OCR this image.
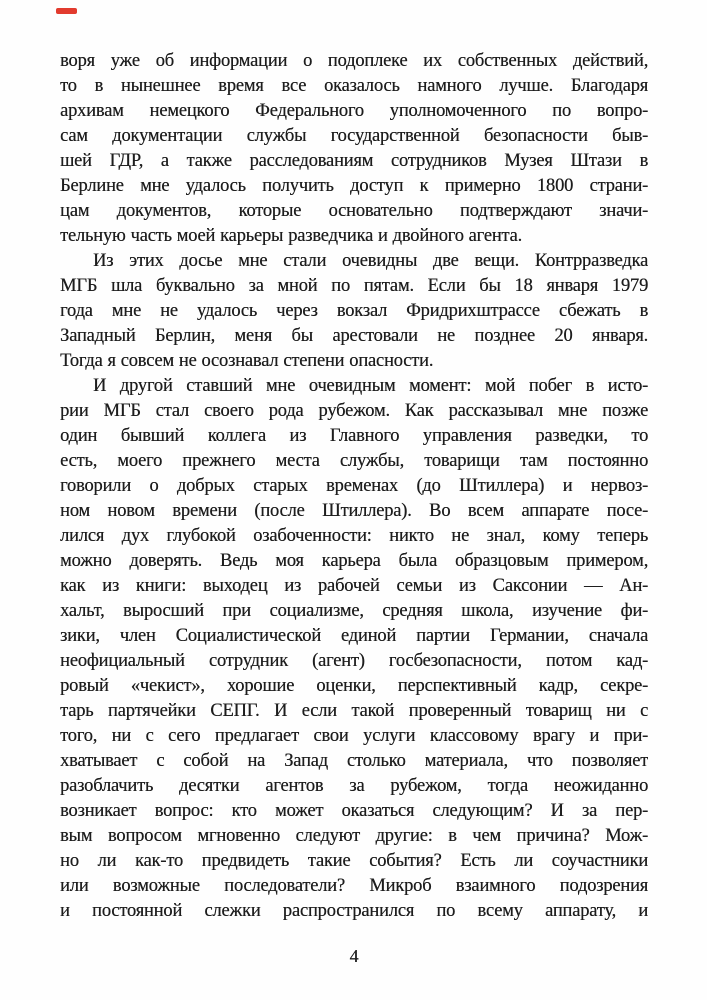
воря уже об информации о подоплеке их собственных действий,
то в нынешнее время все оказалось намного лучше. Благодаря
архивам немецкого Федерального уполномоченного по вопро-
сам документации службы государственной безопасности быв-
шей ГДР, а также расследованиям сотрудников Музея Штази в
Берлине мне удалось получить доступ к примерно 1800 страни-
цам документов, которые основательно подтверждают значи-
тельную часть моей карьеры разведчика и двойного агента.
Из этих досье мне стали очевидны две вещи. Контрразведка
МГБ шла буквально за мной по пятам. Если бы 18 января 1979
года мне не удалось через вокзал Фридрихштрассе сбежать в
Западный Берлин, меня бы арестовали не позднее 20 января.
Тогда я совсем не осознавал степени опасности.
И другой ставший мне очевидным момент: мой побег в исто-
рии МГБ стал своего рода рубежом. Как рассказывал мне позже
один бывший коллега из Главного управления разведки, то
есть, моего прежнего места службы, товарищи там постоянно
говорили о добрых старых временах (до Штиллера) и нервоз-
ном новом времени (после Штиллера). Во всем аппарате посе-
лился дух глубокой озабоченности: никто не знал, кому теперь
можно доверять. Ведь моя карьера была образцовым примером,
как из книги: выходец из рабочей семьи из Саксонии — Ан-
хальт, выросший при социализме, средняя школа, изучение фи-
зики, член Социалистической единой партии Германии, сначала
неофициальный сотрудник (агент) госбезопасности, потом кад-
ровый «чекист», хорошие оценки, перспективный кадр, секре-
тарь партячейки СЕПГ. И если такой проверенный товарищ ни с
того, ни с сего предлагает свои услуги классовому врагу и при-
хватывает с собой на Запад столько материала, что позволяет
разоблачить десятки агентов за рубежом, тогда неожиданно
возникает вопрос: кто может оказаться следующим? И за пер-
вым вопросом мгновенно следуют другие: в чем причина? Мож-
но ли как-то предвидеть такие события? Есть ли соучастники
или возможные последователи? Микроб взаимного подозрения
и постоянной слежки распространился по всему аппарату, и
4
